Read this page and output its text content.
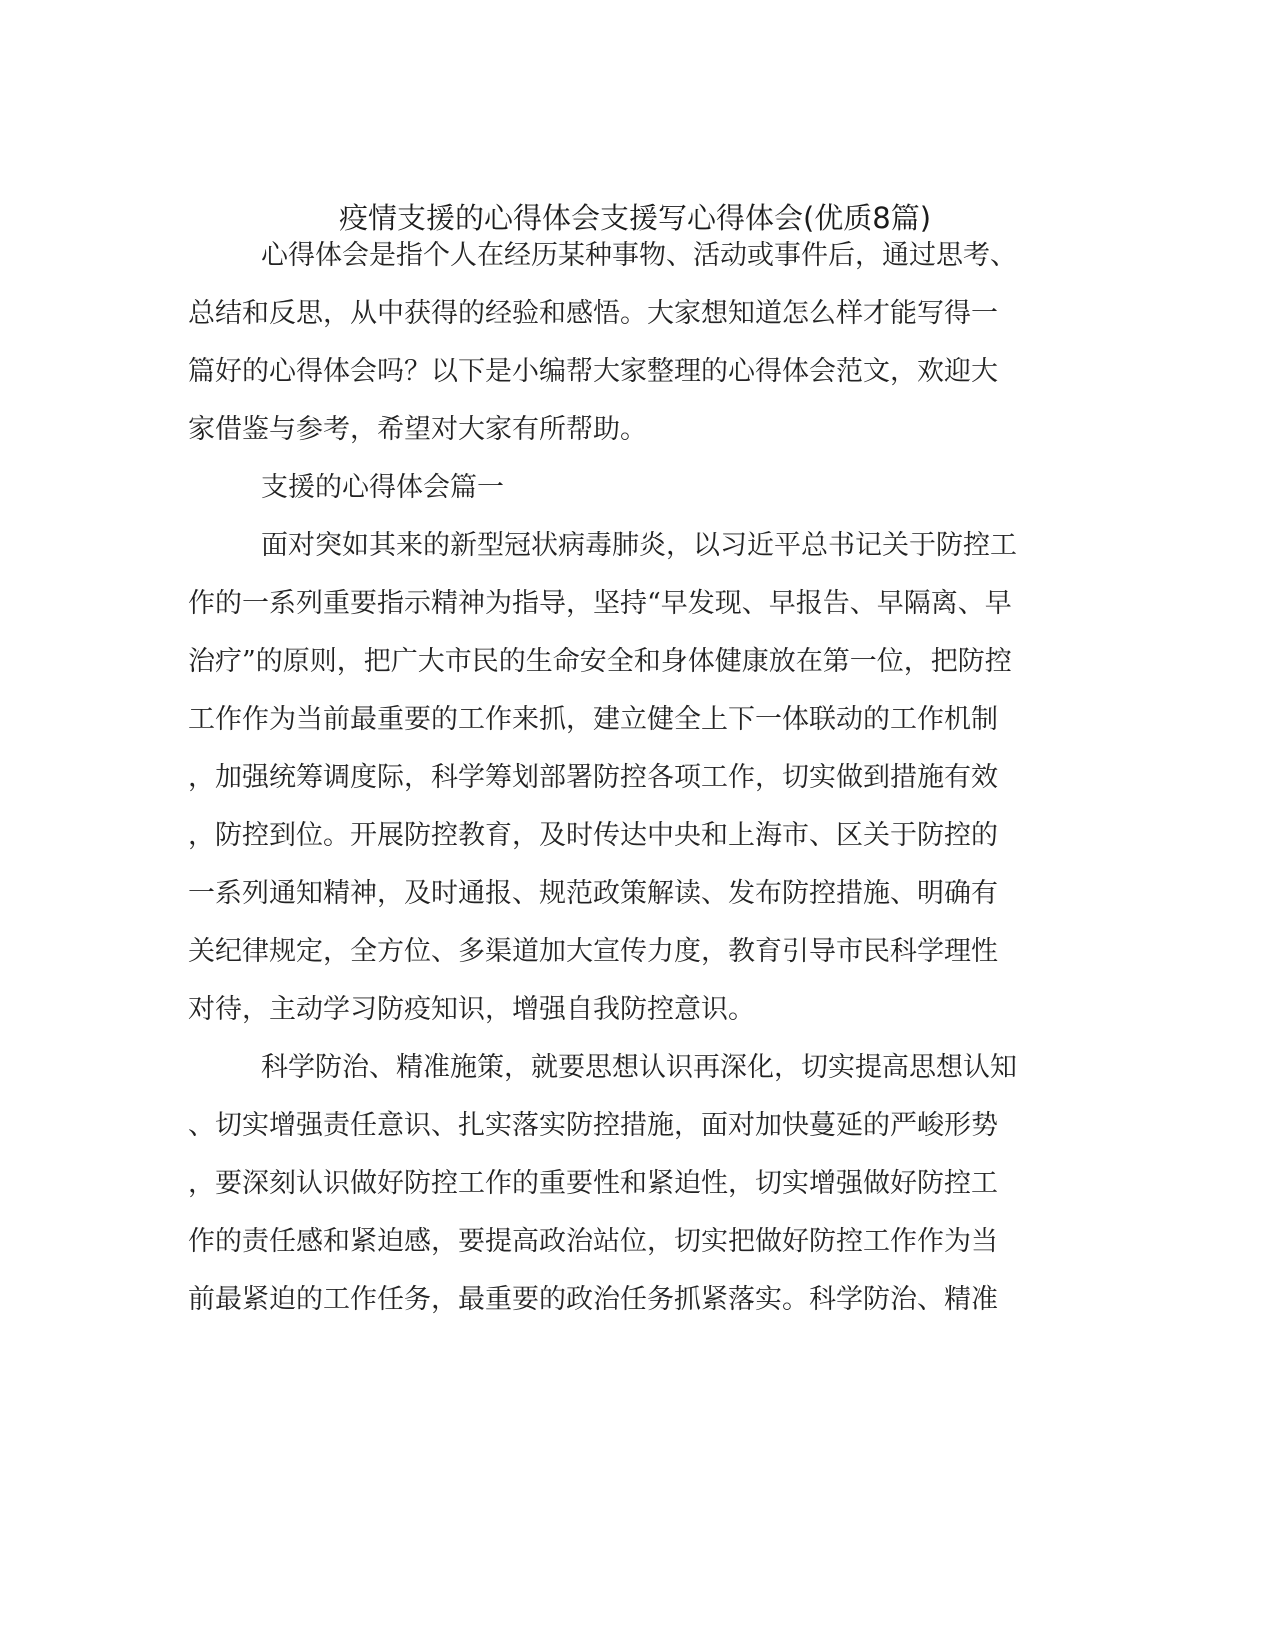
疫情支援的心得体会支援写心得体会(优质8篇)
心得体会是指个人在经历某种事物、活动或事件后，通过思考、
总结和反思，从中获得的经验和感悟。大家想知道怎么样才能写得一
篇好的心得体会吗？以下是小编帮大家整理的心得体会范文，欢迎大
家借鉴与参考，希望对大家有所帮助。
支援的心得体会篇一
面对突如其来的新型冠状病毒肺炎，以习近平总书记关于防控工
作的一系列重要指示精神为指导，坚持“早发现、早报告、早隔离、早
治疗”的原则，把广大市民的生命安全和身体健康放在第一位，把防控
工作作为当前最重要的工作来抓，建立健全上下一体联动的工作机制
，加强统筹调度际，科学筹划部署防控各项工作，切实做到措施有效
，防控到位。开展防控教育，及时传达中央和上海市、区关于防控的
一系列通知精神，及时通报、规范政策解读、发布防控措施、明确有
关纪律规定，全方位、多渠道加大宣传力度，教育引导市民科学理性
对待，主动学习防疫知识，增强自我防控意识。
科学防治、精准施策，就要思想认识再深化，切实提高思想认知
、切实增强责任意识、扎实落实防控措施，面对加快蔓延的严峻形势
，要深刻认识做好防控工作的重要性和紧迫性，切实增强做好防控工
作的责任感和紧迫感，要提高政治站位，切实把做好防控工作作为当
前最紧迫的工作任务，最重要的政治任务抓紧落实。科学防治、精准
